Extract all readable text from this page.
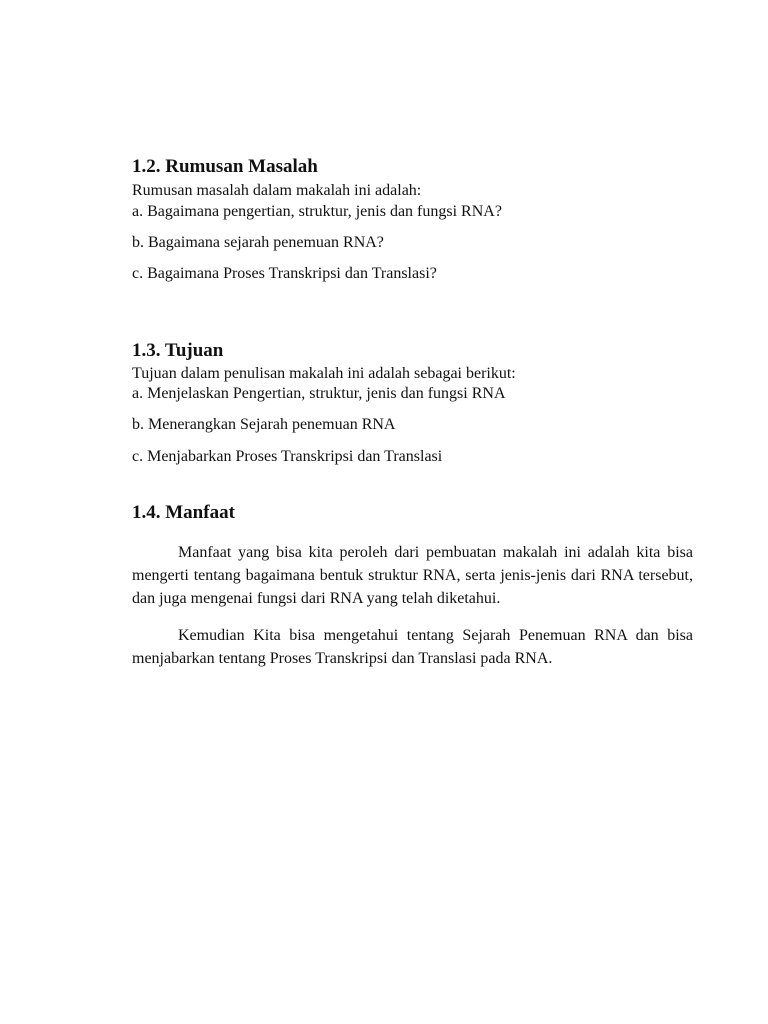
1.2. Rumusan Masalah
Rumusan masalah dalam makalah ini adalah:
a. Bagaimana pengertian, struktur, jenis dan fungsi RNA?
b. Bagaimana sejarah penemuan RNA?
c. Bagaimana Proses Transkripsi dan Translasi?
1.3. Tujuan
Tujuan dalam penulisan makalah ini adalah sebagai berikut:
a. Menjelaskan Pengertian, struktur, jenis dan fungsi RNA
b. Menerangkan Sejarah penemuan RNA
c. Menjabarkan Proses Transkripsi dan Translasi
1.4. Manfaat
Manfaat yang bisa kita peroleh dari pembuatan makalah ini adalah kita bisa mengerti tentang bagaimana bentuk struktur RNA, serta jenis-jenis dari RNA tersebut, dan juga mengenai fungsi dari RNA yang telah diketahui.
Kemudian Kita bisa mengetahui tentang Sejarah Penemuan RNA dan bisa menjabarkan tentang Proses Transkripsi dan Translasi pada RNA.
